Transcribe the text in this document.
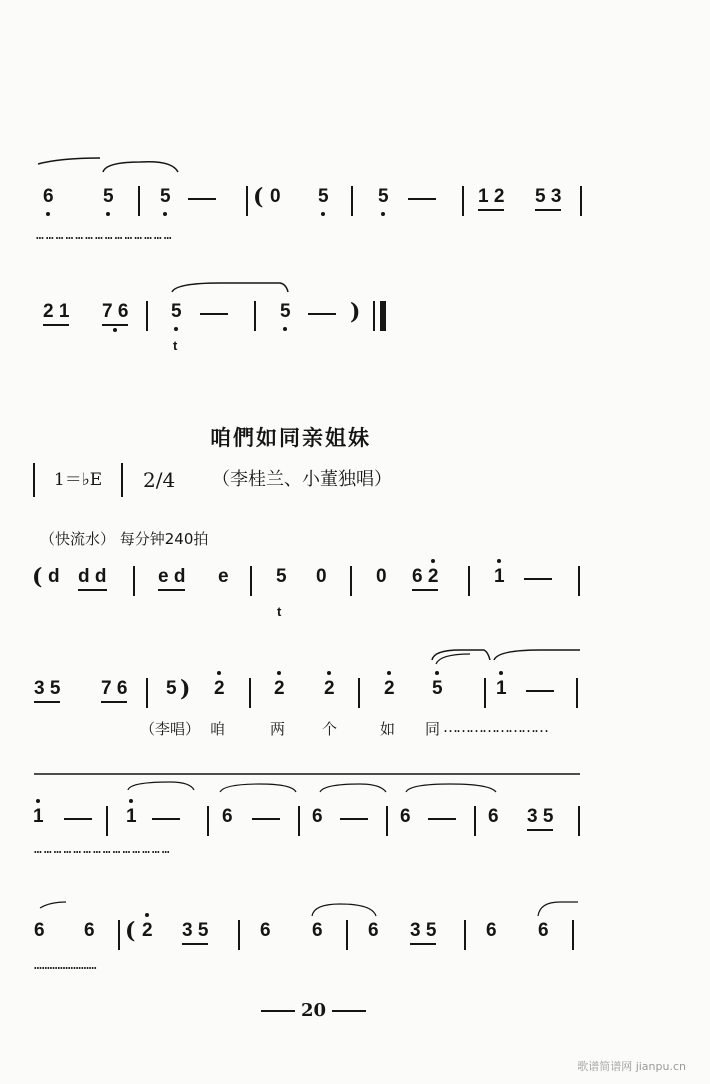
6	5 5	( 0 5	5	1 2 5 3
……………………………………
2 1 7 6 5	5	)
t
咱們如同亲姐妹
1＝♭E	2/4 （李桂兰、小董独唱）
（快流水） 每分钟240拍
( d d d	e d e 5 0	0 6 2	1
t
3 5 7 6 5 ) 2	2 2	2 5	1
（李唱） 咱	两 个	如 同 ……………………
1	1	6	6	6	6 3 5
……………………………………
6 6 ( 2 3 5	6 6 6 3 5	6 6
……………………
20
歌谱简谱网 jianpu.cn
